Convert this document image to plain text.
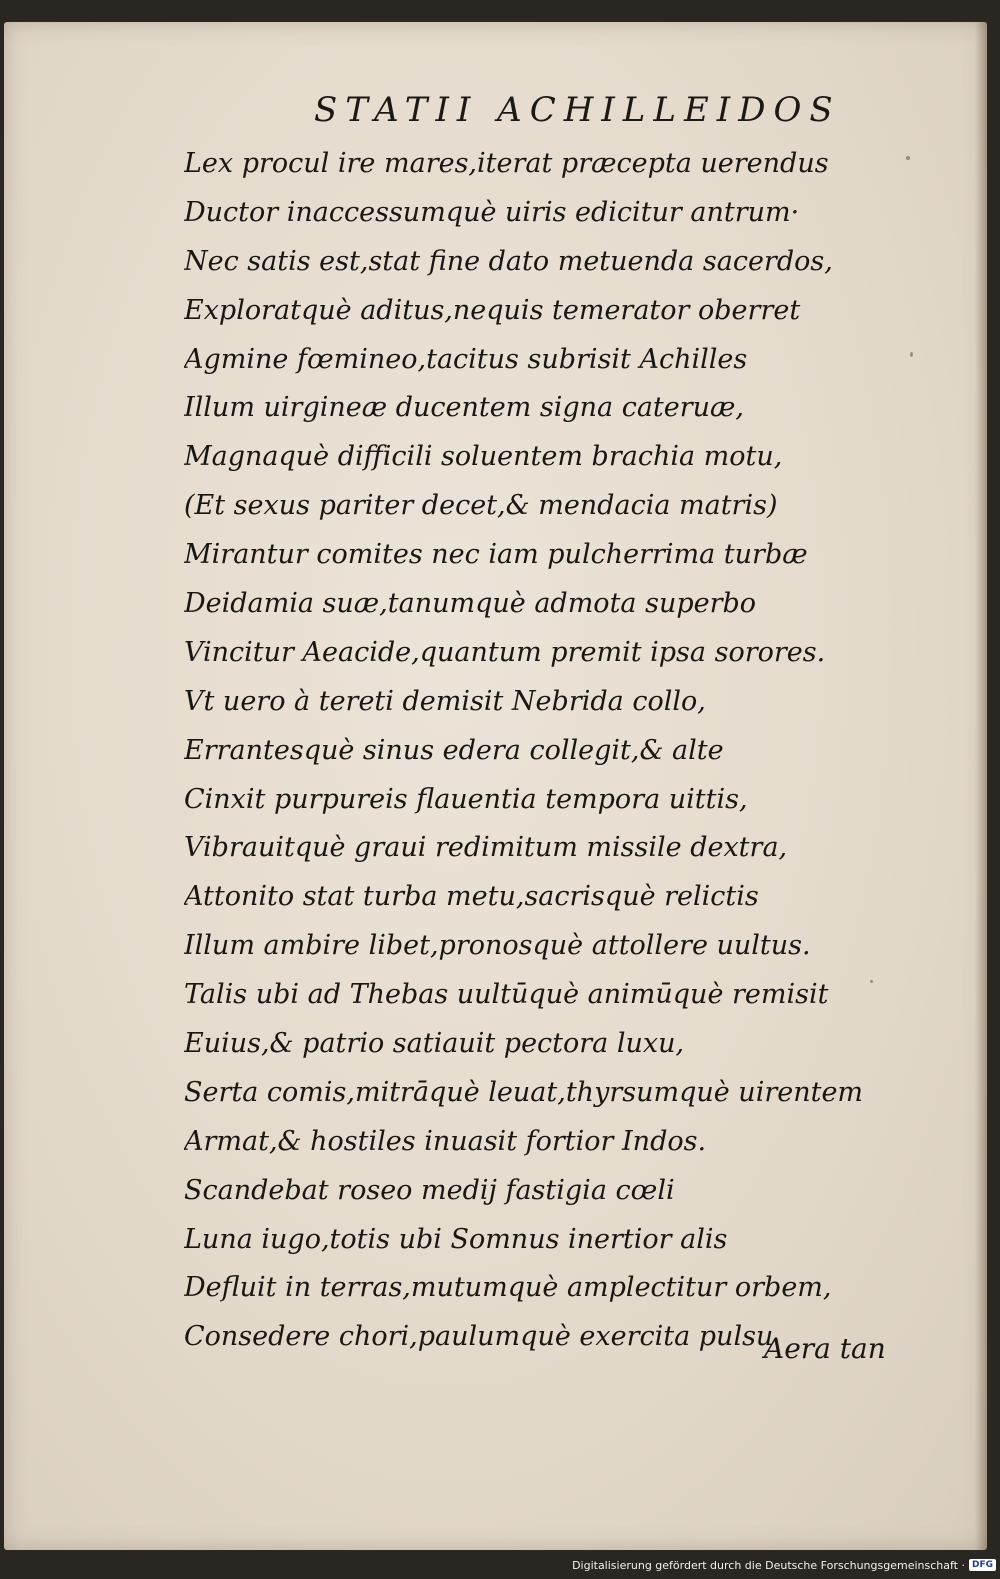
STATII ACHILLEIDOS
Lex procul ire mares,iterat præcepta uerendus
Ductor inaccessumquè uiris edicitur antrum·
Nec satis est,stat fine dato metuenda sacerdos,
Exploratquè aditus,nequis temerator oberret
Agmine fœmineo,tacitus subrisit Achilles
Illum uirgineæ ducentem signa cateruæ,
Magnaquè difficili soluentem brachia motu,
(Et sexus pariter decet,& mendacia matris)
Mirantur comites nec iam pulcherrima turbæ
Deidamia suæ,tanumquè admota superbo
Vincitur Aeacide,quantum premit ipsa sorores.
Vt uero à tereti demisit Nebrida collo,
Errantesquè sinus edera collegit,& alte
Cinxit purpureis flauentia tempora uittis,
Vibrauitquè graui redimitum missile dextra,
Attonito stat turba metu,sacrisquè relictis
Illum ambire libet,pronosquè attollere uultus.
Talis ubi ad Thebas uultūquè animūquè remisit
Euius,& patrio satiauit pectora luxu,
Serta comis,mitrāquè leuat,thyrsumquè uirentem
Armat,& hostiles inuasit fortior Indos.
Scandebat roseo medij fastigia cœli
Luna iugo,totis ubi Somnus inertior alis
Defluit in terras,mutumquè amplectitur orbem,
Consedere chori,paulumquè exercita pulsu
Aera tan
Digitalisierung gefördert durch die Deutsche Forschungsgemeinschaft · DFG
